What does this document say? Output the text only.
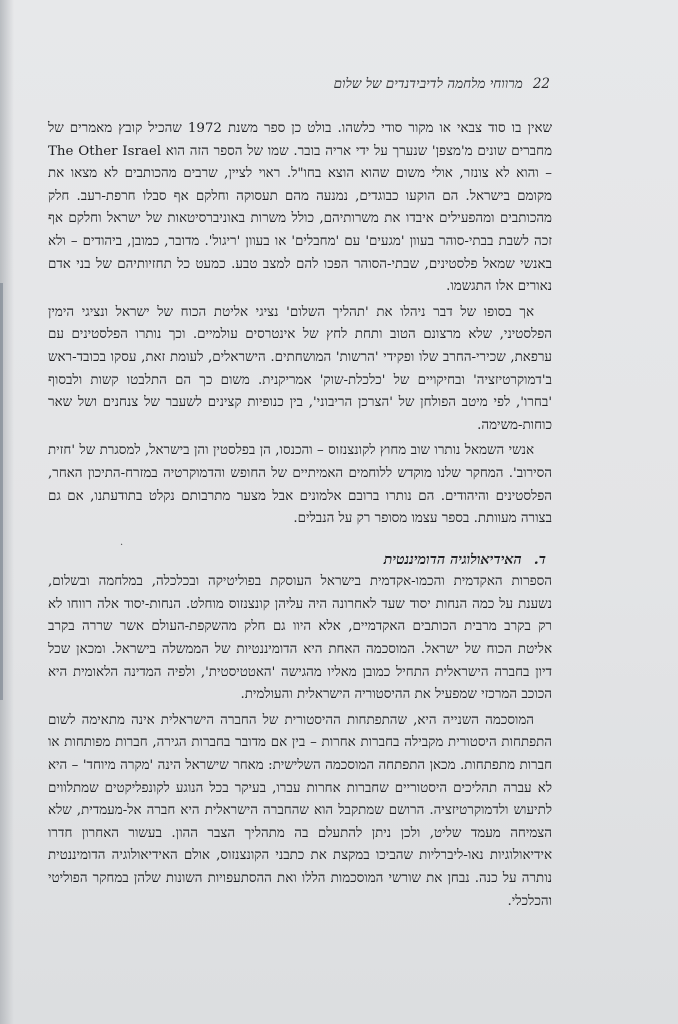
22מרווחי מלחמה לדיבידנדים של שלום

שאין בו סוד צבאי או מקור סודי כלשהו. בולט כן ספר משנת 1972 שהכיל קובץ מאמרים של מחברים שונים מ'מצפן' שנערך על ידי אריה בובר. שמו של הספר הזה הוא The Other Israel – והוא לא צונזר, אולי משום שהוא הוצא בחו"ל. ראוי לציין, שרבים מהכותבים לא מצאו את מקומם בישראל. הם הוקעו כבוגדים, נמנעה מהם תעסוקה וחלקם אף סבלו חרפת-רעב. חלק מהכותבים ומהפעילים איבדו את משרותיהם, כולל משרות באוניברסיטאות של ישראל וחלקם אף זכה לשבת בבתי-סוהר בעוון 'מגעים' עם 'מחבלים' או בעוון 'ריגול'. מדובר, כמובן, ביהודים – ולא באנשי שמאל פלסטינים, שבתי-הסוהר הפכו להם למצב טבע. כמעט כל תחזיותיהם של בני אדם נאורים אלו התגשמו.

אך בסופו של דבר ניהלו את 'תהליך השלום' נציגי אליטת הכוח של ישראל ונציגי הימין הפלסטיני, שלא מרצונם הטוב ותחת לחץ של אינטרסים עולמיים. וכך נותרו הפלסטינים עם ערפאת, שכירי-החרב שלו ופקידי 'הרשות' המושחתים. הישראלים, לעומת זאת, עסקו בכובד-ראש ב'דמוקרטיזציה' ובחיקויים של 'כלכלת-שוק' אמריקנית. משום כך הם התלבטו קשות ולבסוף 'בחרו', לפי מיטב הפולחן של 'הצרכן הריבוני', בין כנופיות קצינים לשעבר של צנחנים ושל שאר כוחות-משימה.

אנשי השמאל נותרו שוב מחוץ לקונצנזוס – והכנסו, הן בפלסטין והן בישראל, למסגרת של 'חזית הסירוב'. המחקר שלנו מוקדש ללוחמים האמיתיים של החופש והדמוקרטיה במזרח-התיכון האחר, הפלסטינים והיהודים. הם נותרו ברובם אלמונים אבל מצער מתרבותם נקלט בתודעתנו, אם גם בצורה מעוותת. בספר עצמו מסופר רק על הנבלים.

·
ד.האידיאולוגיה הדומיננטית

הספרות האקדמית והכמו-אקדמית בישראל העוסקת בפוליטיקה ובכלכלה, במלחמה ובשלום, נשענת על כמה הנחות יסוד שעד לאחרונה היה עליהן קונצנזוס מוחלט. הנחות-יסוד אלה רווחו לא רק בקרב מרבית הכותבים האקדמיים, אלא היוו גם חלק מהשקפת-העולם אשר שררה בקרב אליטת הכוח של ישראל. המוסכמה האחת היא הדומיננטיות של הממשלה בישראל. ומכאן שכל דיון בחברה הישראלית התחיל כמובן מאליו מהגישה 'האטטיסטית', ולפיה המדינה הלאומית היא הכוכב המרכזי שמפעיל את ההיסטוריה הישראלית והעולמית.

המוסכמה השנייה היא, שהתפתחות ההיסטורית של החברה הישראלית אינה מתאימה לשום התפתחות היסטורית מקבילה בחברות אחרות – בין אם מדובר בחברות הגירה, חברות מפותחות או חברות מתפתחות. מכאן התפתחה המוסכמה השלישית: מאחר שישראל הינה 'מקרה מיוחד' – היא לא עברה תהליכים היסטוריים שחברות אחרות עברו, בעיקר בכל הנוגע לקונפליקטים שמתלווים לתיעוש ולדמוקרטיזציה. הרושם שמתקבל הוא שהחברה הישראלית היא חברה אל-מעמדית, שלא הצמיחה מעמד שליט, ולכן ניתן להתעלם בה מתהליך הצבר ההון. בעשור האחרון חדרו אידיאולוגיות נאו-ליברליות שהביכו במקצת את כתבני הקונצנזוס, אולם האידיאולוגיה הדומיננטית נותרה על כנה. נבחן את שורשי המוסכמות הללו ואת ההסתעפויות השונות שלהן במחקר הפוליטי והכלכלי.
